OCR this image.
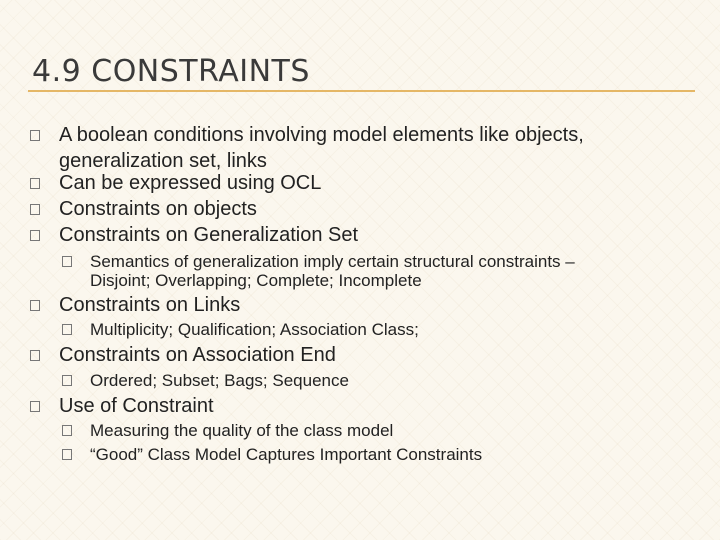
4.9 CONSTRAINTS
A boolean conditions involving model elements like objects,
generalization set, links
Can be expressed using OCL
Constraints on objects
Constraints on Generalization Set
Semantics of generalization imply certain structural constraints –
Disjoint; Overlapping; Complete; Incomplete
Constraints on Links
Multiplicity; Qualification; Association Class;
Constraints on Association End
Ordered; Subset; Bags; Sequence
Use of Constraint
Measuring the quality of the class model
“Good” Class Model Captures Important Constraints
